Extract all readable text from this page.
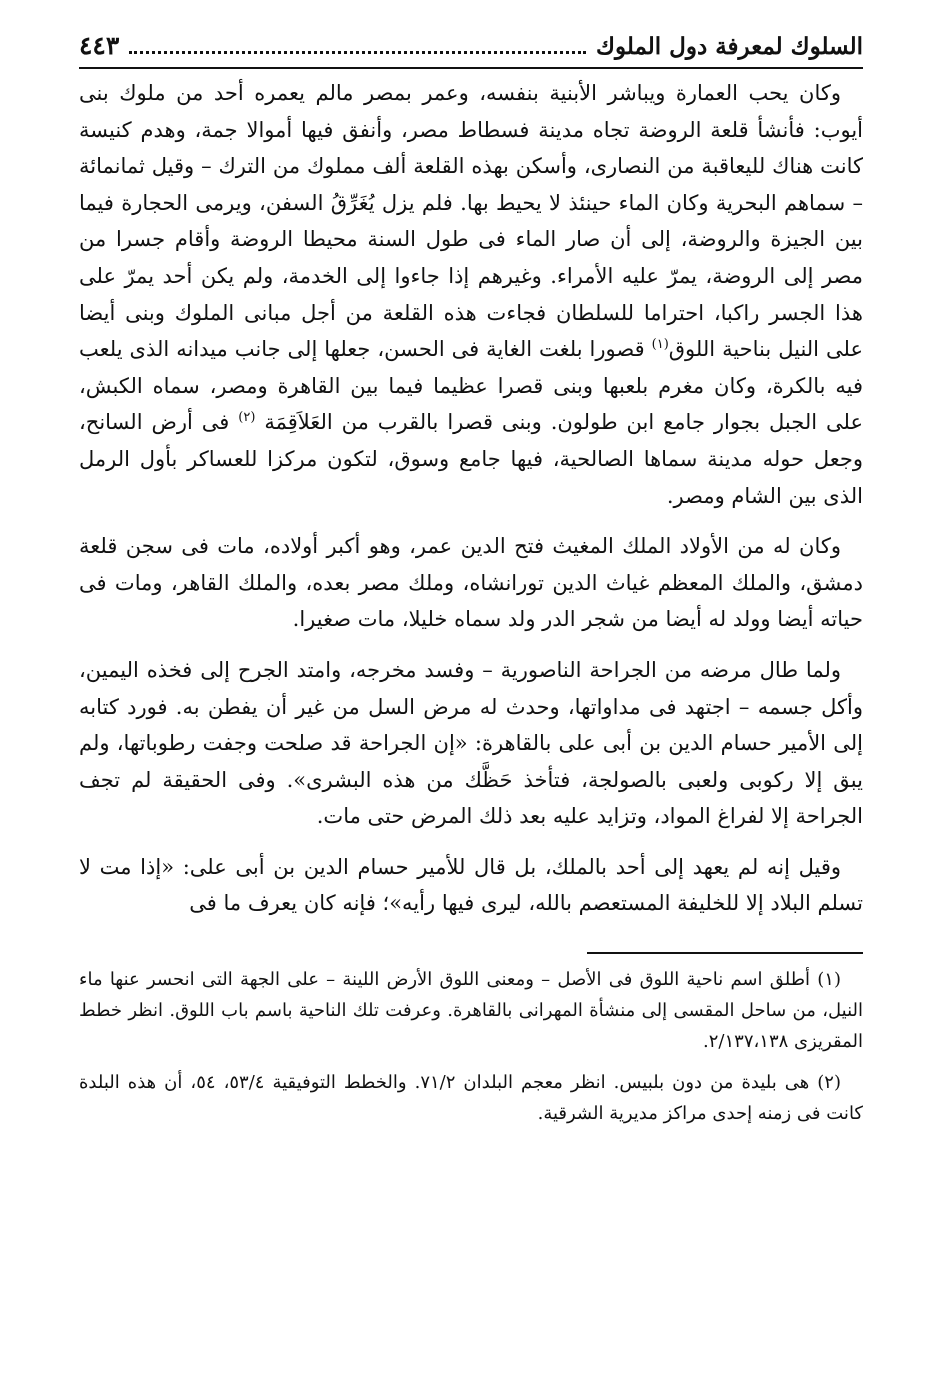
السلوك لمعرفة دول الملوك
٤٤٣

وكان يحب العمارة ويباشر الأبنية بنفسه، وعمر بمصر مالم يعمره أحد من ملوك بنى أيوب: فأنشأ قلعة الروضة تجاه مدينة فسطاط مصر، وأنفق فيها أموالا جمة، وهدم كنيسة كانت هناك لليعاقبة من النصارى، وأسكن بهذه القلعة ألف مملوك من الترك – وقيل ثمانمائة – سماهم البحرية وكان الماء حينئذ لا يحيط بها. فلم يزل يُغَرِّقُ السفن، ويرمى الحجارة فيما بين الجيزة والروضة، إلى أن صار الماء فى طول السنة محيطا الروضة وأقام جسرا من مصر إلى الروضة، يمرّ عليه الأمراء. وغيرهم إذا جاءوا إلى الخدمة، ولم يكن أحد يمرّ على هذا الجسر راكبا، احتراما للسلطان فجاءت هذه القلعة من أجل مبانى الملوك وبنى أيضا على النيل بناحية اللوق$^{(١)}$ قصورا بلغت الغاية فى الحسن، جعلها إلى جانب ميدانه الذى يلعب فيه بالكرة، وكان مغرم بلعبها وبنى قصرا عظيما فيما بين القاهرة ومصر، سماه الكبش، على الجبل بجوار جامع ابن طولون. وبنى قصرا بالقرب من العَلاَقِمَة $^{(٢)}$ فى أرض السانح، وجعل حوله مدينة سماها الصالحية، فيها جامع وسوق، لتكون مركزا للعساكر بأول الرمل الذى بين الشام ومصر.

وكان له من الأولاد الملك المغيث فتح الدين عمر، وهو أكبر أولاده، مات فى سجن قلعة دمشق، والملك المعظم غياث الدين تورانشاه، وملك مصر بعده، والملك القاهر، ومات فى حياته أيضا وولد له أيضا من شجر الدر ولد سماه خليلا، مات صغيرا.

ولما طال مرضه من الجراحة الناصورية – وفسد مخرجه، وامتد الجرح إلى فخذه اليمين، وأكل جسمه – اجتهد فى مداواتها، وحدث له مرض السل من غير أن يفطن به. فورد كتابه إلى الأمير حسام الدين بن أبى على بالقاهرة: «إن الجراحة قد صلحت وجفت رطوباتها، ولم يبق إلا ركوبى ولعبى بالصولجة، فتأخذ حَظَّك من هذه البشرى». وفى الحقيقة لم تجف الجراحة إلا لفراغ المواد، وتزايد عليه بعد ذلك المرض حتى مات.

وقيل إنه لم يعهد إلى أحد بالملك، بل قال للأمير حسام الدين بن أبى على: «إذا مت لا تسلم البلاد إلا للخليفة المستعصم بالله، ليرى فيها رأيه»؛ فإنه كان يعرف ما فى

(١) أطلق اسم ناحية اللوق فى الأصل – ومعنى اللوق الأرض اللينة – على الجهة التى انحسر عنها ماء النيل، من ساحل المقسى إلى منشأة المهرانى بالقاهرة. وعرفت تلك الناحية باسم باب اللوق. انظر خطط المقريزى ٢/١٣٧،١٣٨.

(٢) هى بليدة من دون بلبيس. انظر معجم البلدان ٧١/٢. والخطط التوفيقية ٥٣/٤، ٥٤، أن هذه البلدة كانت فى زمنه إحدى مراكز مديرية الشرقية.
